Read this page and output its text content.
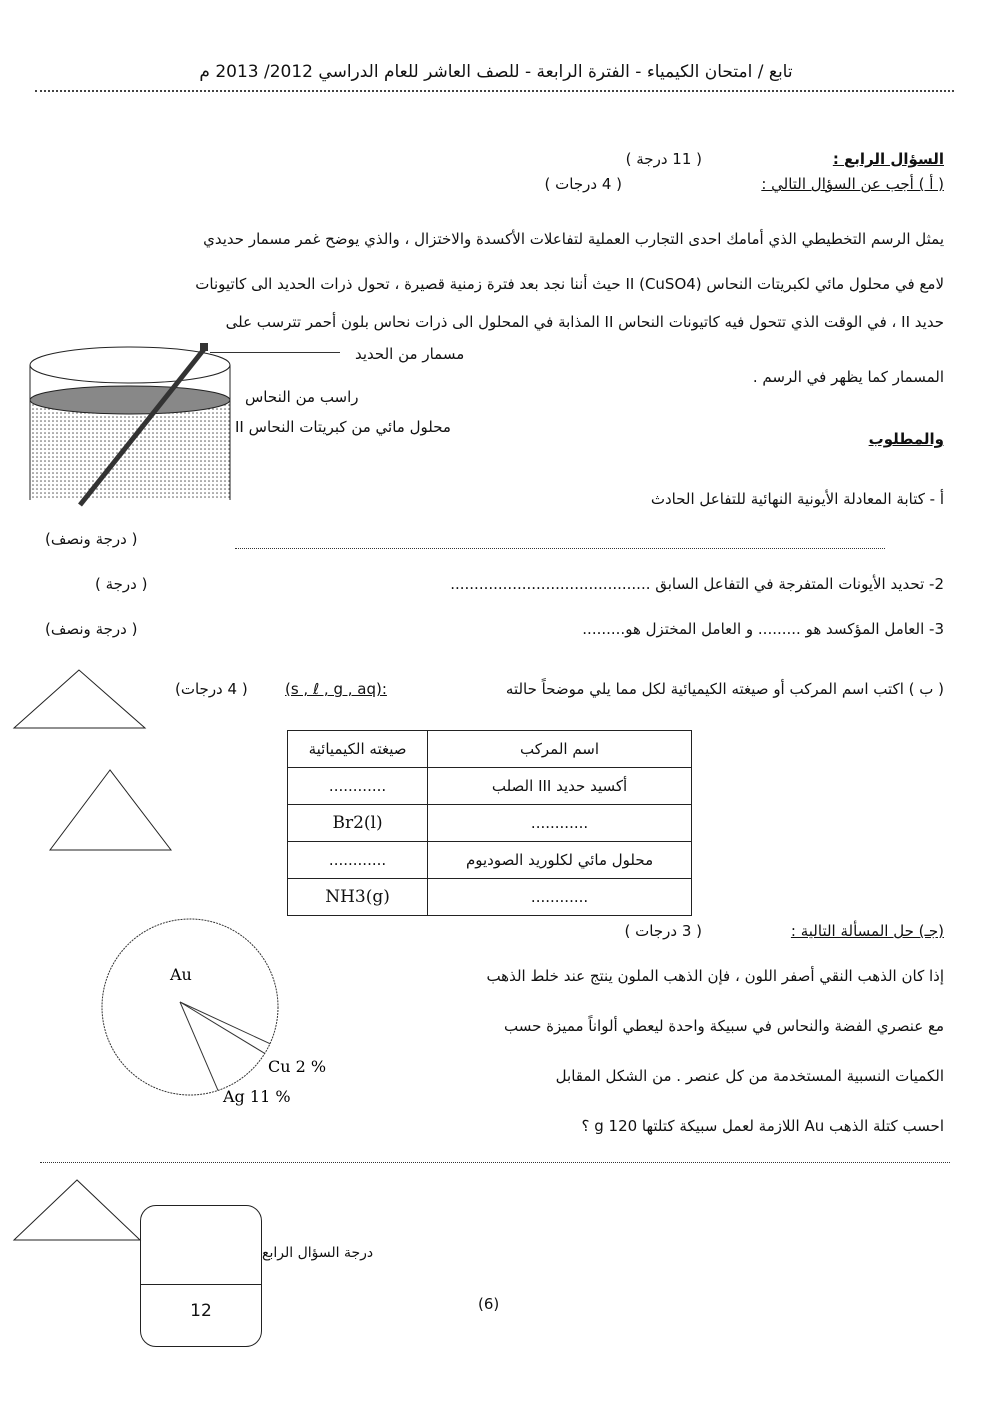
تابع / امتحان الكيمياء - الفترة الرابعة - للصف العاشر للعام الدراسي 2012/ 2013 م
السؤال الرابع :
( 11 درجة )
( أ ) أجب عن السؤال التالي :
( 4 درجات )
يمثل الرسم التخطيطي الذي أمامك احدى التجارب العملية لتفاعلات الأكسدة والاختزال ، والذي يوضح غمر مسمار حديدي
لامع في محلول مائي لكبريتات النحاس II (CuSO4) حيث أننا نجد بعد فترة زمنية قصيرة ، تحول ذرات الحديد الى كاتيونات
حديد II ، في الوقت الذي تتحول فيه كاتيونات النحاس II المذابة في المحلول الى ذرات نحاس بلون أحمر تترسب على
المسمار كما يظهر في الرسم .
مسمار من الحديد
راسب من النحاس
محلول مائي من كبريتات النحاس II
والمطلوب
أ - كتابة المعادلة الأيونية النهائية للتفاعل الحادث
( درجة ونصف)
2- تحديد الأيونات المتفرجة في التفاعل السابق ..........................................
( درجة )
3- العامل المؤكسد هو ......... و العامل المختزل هو.........
( درجة ونصف)
( ب ) اكتب اسم المركب أو صيغته الكيميائية لكل مما يلي موضحاً حالته
(s , ℓ , g , aq):
( 4 درجات)
اسم المركب	صيغته الكيميائية
أكسيد حديد III الصلب	............
............	Br2(l)
محلول مائي لكلوريد الصوديوم	............
............	NH3(g)
(جـ) حل المسألة التالية :
( 3 درجات )
إذا كان الذهب النقي أصفر اللون ، فإن الذهب الملون ينتج عند خلط الذهب
مع عنصري الفضة والنحاس في سبيكة واحدة ليعطي ألواناً مميزة حسب
الكميات النسبية المستخدمة من كل عنصر . من الشكل المقابل
احسب كتلة الذهب Au اللازمة لعمل سبيكة كتلتها g 120 ؟
Au
Cu 2 %
Ag 11 %
12
درجة السؤال الرابع
(6)
